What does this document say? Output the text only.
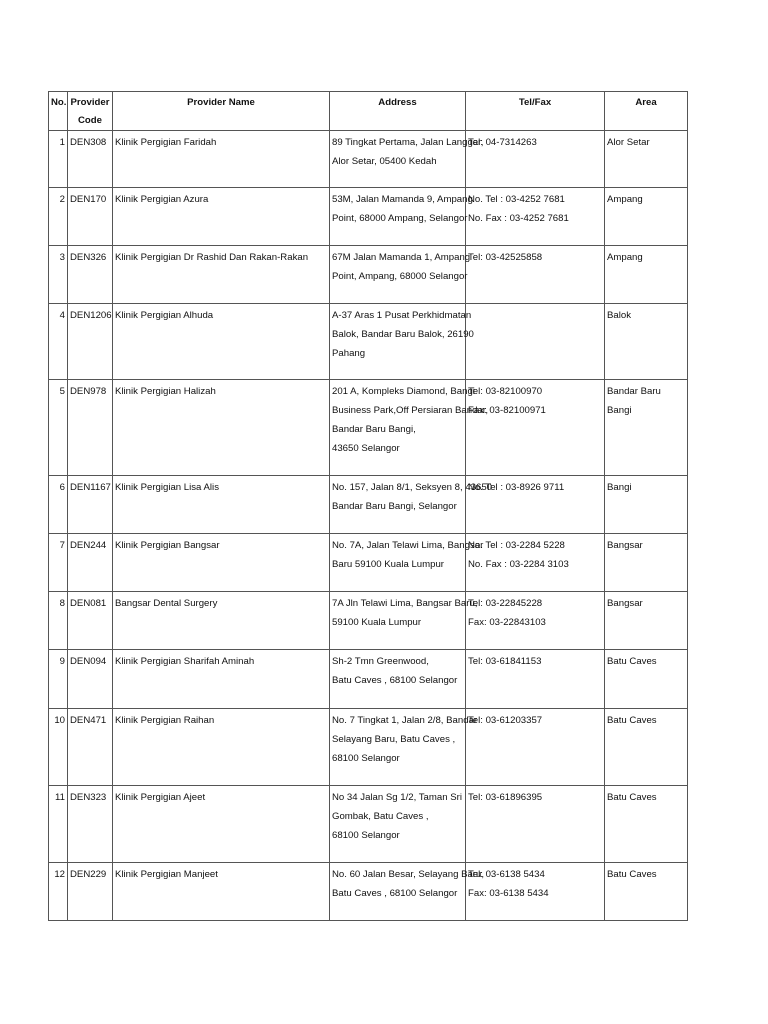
No.	Provider
Code	Provider Name	Address	Tel/Fax	Area
1	DEN308	Klinik Pergigian Faridah	89 Tingkat Pertama, Jalan Langgar,
Alor Setar, 05400 Kedah	Tel: 04-7314263	Alor Setar
2	DEN170	Klinik Pergigian Azura	53M, Jalan Mamanda 9, Ampang
Point, 68000 Ampang, Selangor	No. Tel : 03-4252 7681
No. Fax : 03-4252 7681	Ampang
3	DEN326	Klinik Pergigian Dr Rashid Dan Rakan-Rakan	67M Jalan Mamanda 1, Ampang
Point, Ampang, 68000 Selangor	Tel: 03-42525858	Ampang
4	DEN1206	Klinik Pergigian Alhuda	A-37 Aras 1 Pusat Perkhidmatan
Balok, Bandar Baru Balok, 26190
Pahang		Balok
5	DEN978	Klinik Pergigian Halizah	201 A, Kompleks Diamond, Bangi
Business Park,Off Persiaran Bandar,
Bandar Baru Bangi,
43650 Selangor	Tel: 03-82100970
Fax: 03-82100971	Bandar Baru Bangi
6	DEN1167	Klinik Pergigian Lisa Alis	No. 157, Jalan 8/1, Seksyen 8, 43650
Bandar Baru Bangi, Selangor	No. Tel : 03-8926 9711	Bangi
7	DEN244	Klinik Pergigian Bangsar	No. 7A, Jalan Telawi Lima, Bangsar
Baru 59100 Kuala Lumpur	No. Tel : 03-2284 5228
No. Fax : 03-2284 3103	Bangsar
8	DEN081	Bangsar Dental Surgery	7A Jln Telawi Lima, Bangsar Baru,
59100 Kuala Lumpur	Tel: 03-22845228
Fax: 03-22843103	Bangsar
9	DEN094	Klinik Pergigian Sharifah Aminah	Sh-2 Tmn Greenwood,
Batu Caves , 68100 Selangor	Tel: 03-61841153	Batu Caves
10	DEN471	Klinik Pergigian Raihan	No. 7 Tingkat 1, Jalan 2/8, Bandar
Selayang Baru, Batu Caves ,
68100 Selangor	Tel: 03-61203357	Batu Caves
11	DEN323	Klinik Pergigian Ajeet	No 34 Jalan Sg 1/2, Taman Sri
Gombak, Batu Caves ,
68100 Selangor	Tel: 03-61896395	Batu Caves
12	DEN229	Klinik Pergigian Manjeet	No. 60 Jalan Besar, Selayang Baru,
Batu Caves , 68100 Selangor	Tel: 03-6138 5434
Fax: 03-6138 5434	Batu Caves
